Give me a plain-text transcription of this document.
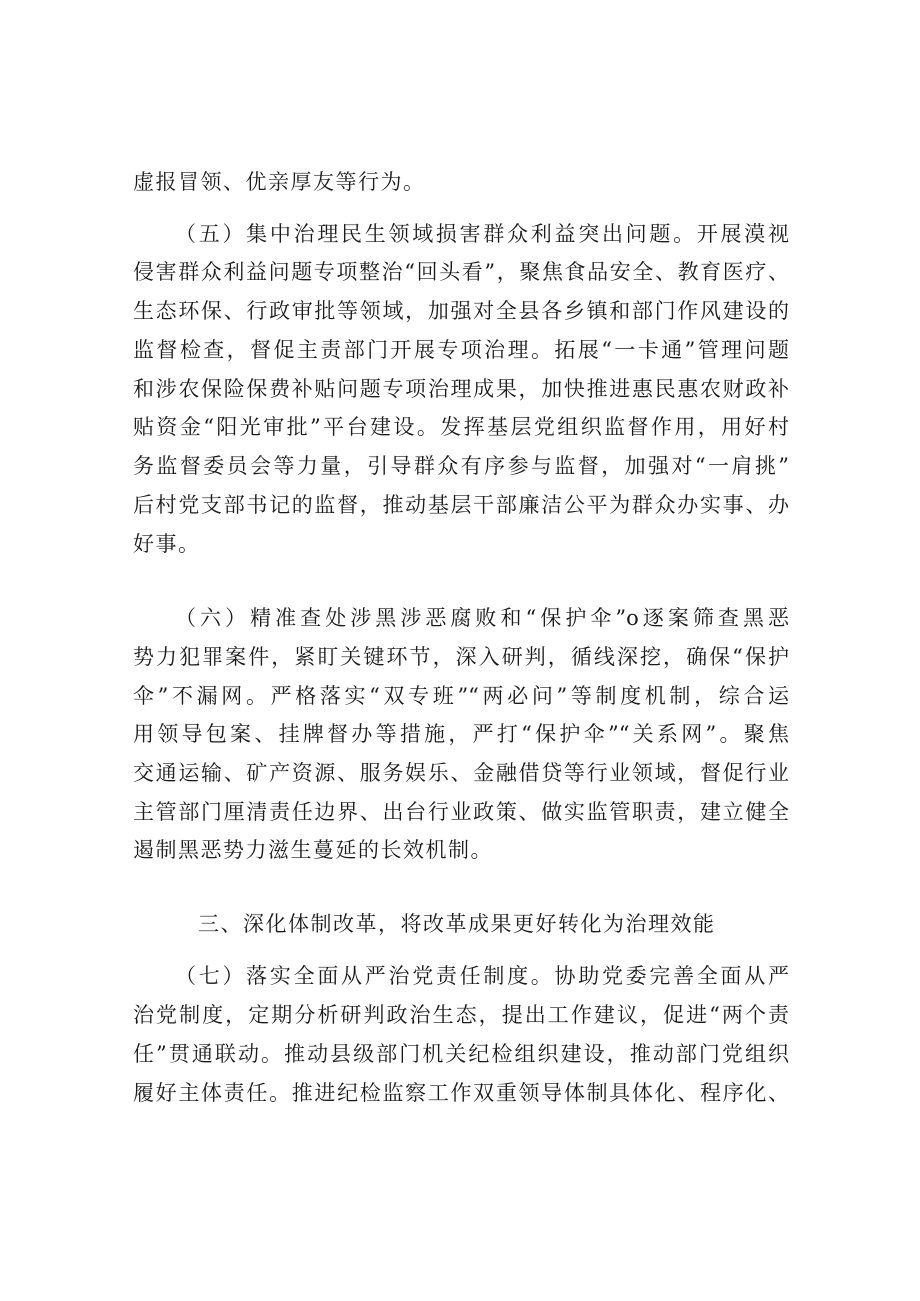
虚报冒领、优亲厚友等行为。
（五）集中治理民生领域损害群众利益突出问题。开展漠视
侵害群众利益问题专项整治“回头看”，聚焦食品安全、教育医疗、
生态环保、行政审批等领域，加强对全县各乡镇和部门作风建设的
监督检查，督促主责部门开展专项治理。拓展“一卡通”管理问题
和涉农保险保费补贴问题专项治理成果，加快推进惠民惠农财政补
贴资金“阳光审批”平台建设。发挥基层党组织监督作用，用好村
务监督委员会等力量，引导群众有序参与监督，加强对“一肩挑”
后村党支部书记的监督，推动基层干部廉洁公平为群众办实事、办
好事。
（六）精准查处涉黑涉恶腐败和“保护伞”o逐案筛查黑恶
势力犯罪案件，紧盯关键环节，深入研判，循线深挖，确保“保护
伞”不漏网。严格落实“双专班”“两必问”等制度机制，综合运
用领导包案、挂牌督办等措施，严打“保护伞”“关系网”。聚焦
交通运输、矿产资源、服务娱乐、金融借贷等行业领域，督促行业
主管部门厘清责任边界、出台行业政策、做实监管职责，建立健全
遏制黑恶势力滋生蔓延的长效机制。
三、深化体制改革，将改革成果更好转化为治理效能
（七）落实全面从严治党责任制度。协助党委完善全面从严
治党制度，定期分析研判政治生态，提出工作建议，促进“两个责
任”贯通联动。推动县级部门机关纪检组织建设，推动部门党组织
履好主体责任。推进纪检监察工作双重领导体制具体化、程序化、
